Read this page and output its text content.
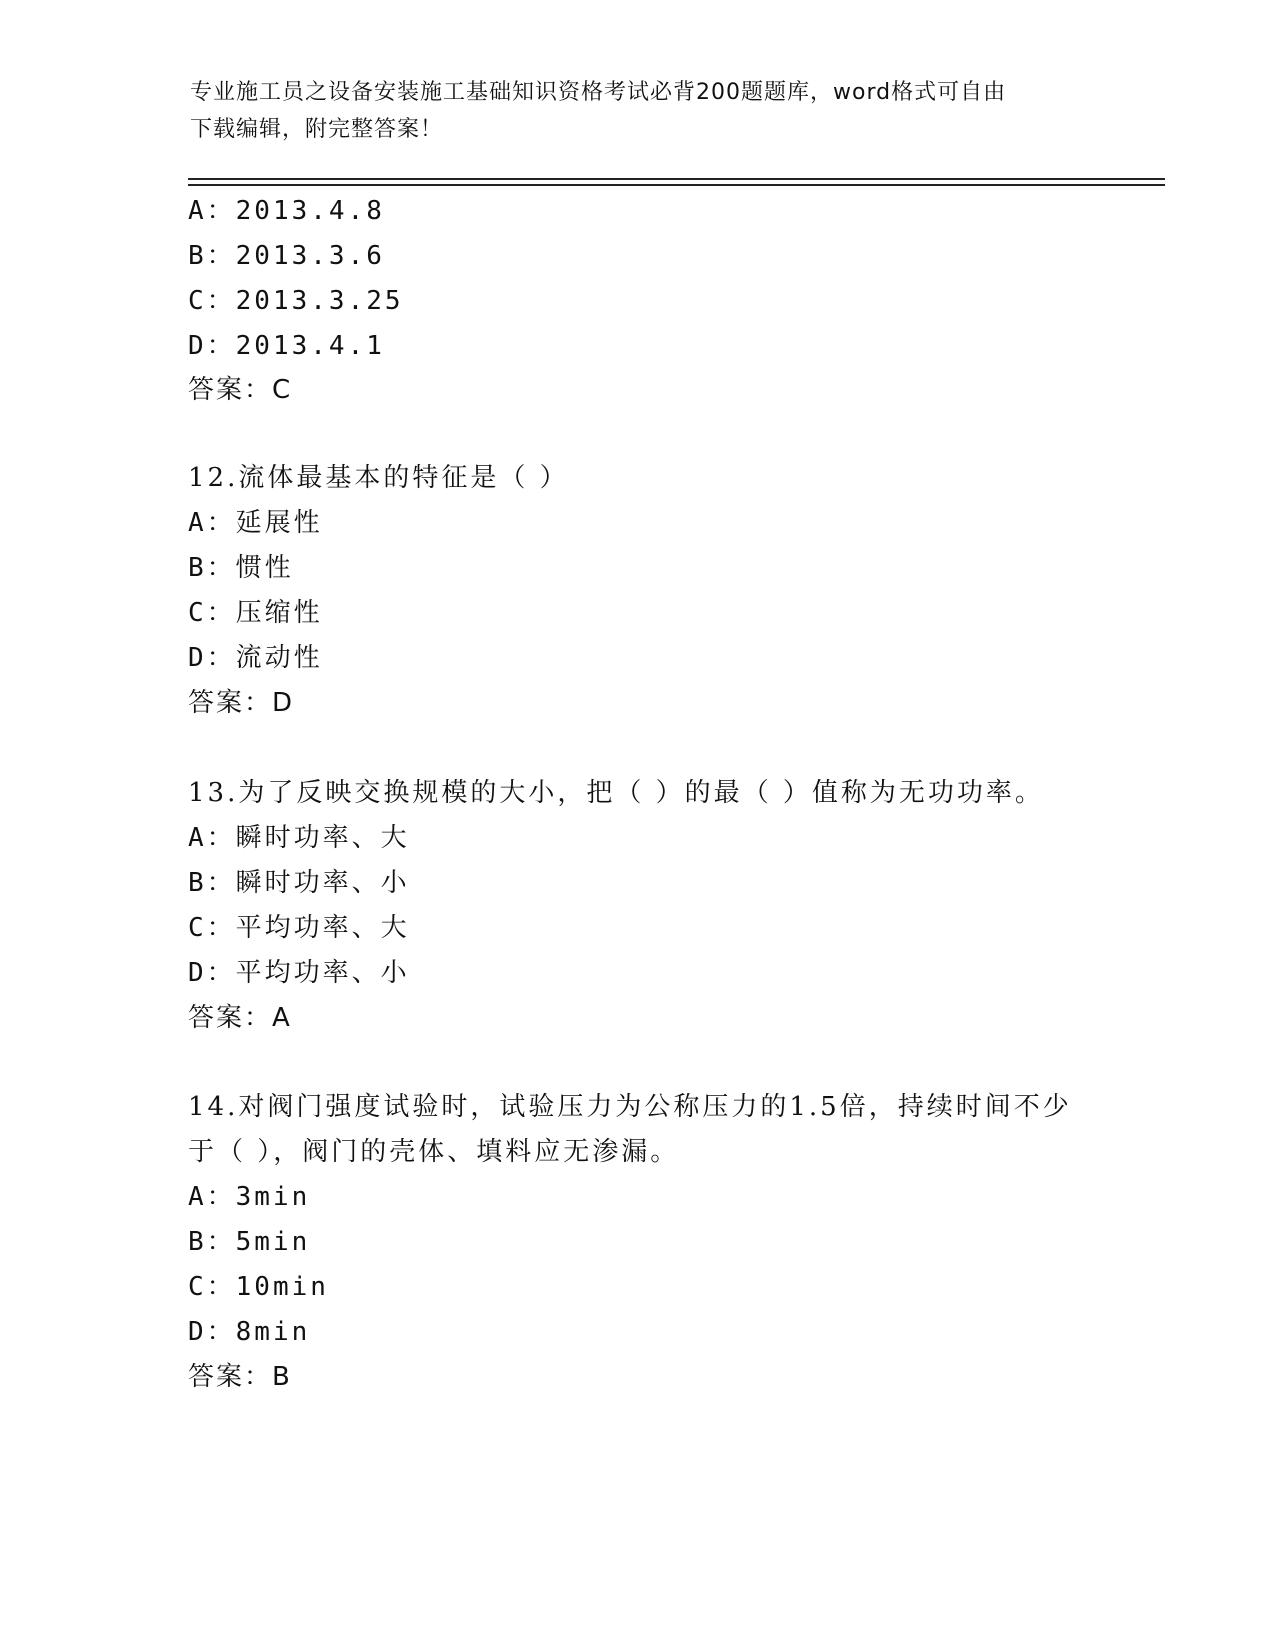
专业施工员之设备安装施工基础知识资格考试必背200题题库，word格式可自由
下载编辑，附完整答案！
A：2013.4.8
B：2013.3.6
C：2013.3.25
D：2013.4.1
答案：C
12.流体最基本的特征是（ ）
A：延展性
B：惯性
C：压缩性
D：流动性
答案：D
13.为了反映交换规模的大小，把（ ）的最（ ）值称为无功功率。
A：瞬时功率、大
B：瞬时功率、小
C：平均功率、大
D：平均功率、小
答案：A
14.对阀门强度试验时，试验压力为公称压力的1.5倍，持续时间不少
于（ ），阀门的壳体、填料应无渗漏。
A：3min
B：5min
C：10min
D：8min
答案：B
